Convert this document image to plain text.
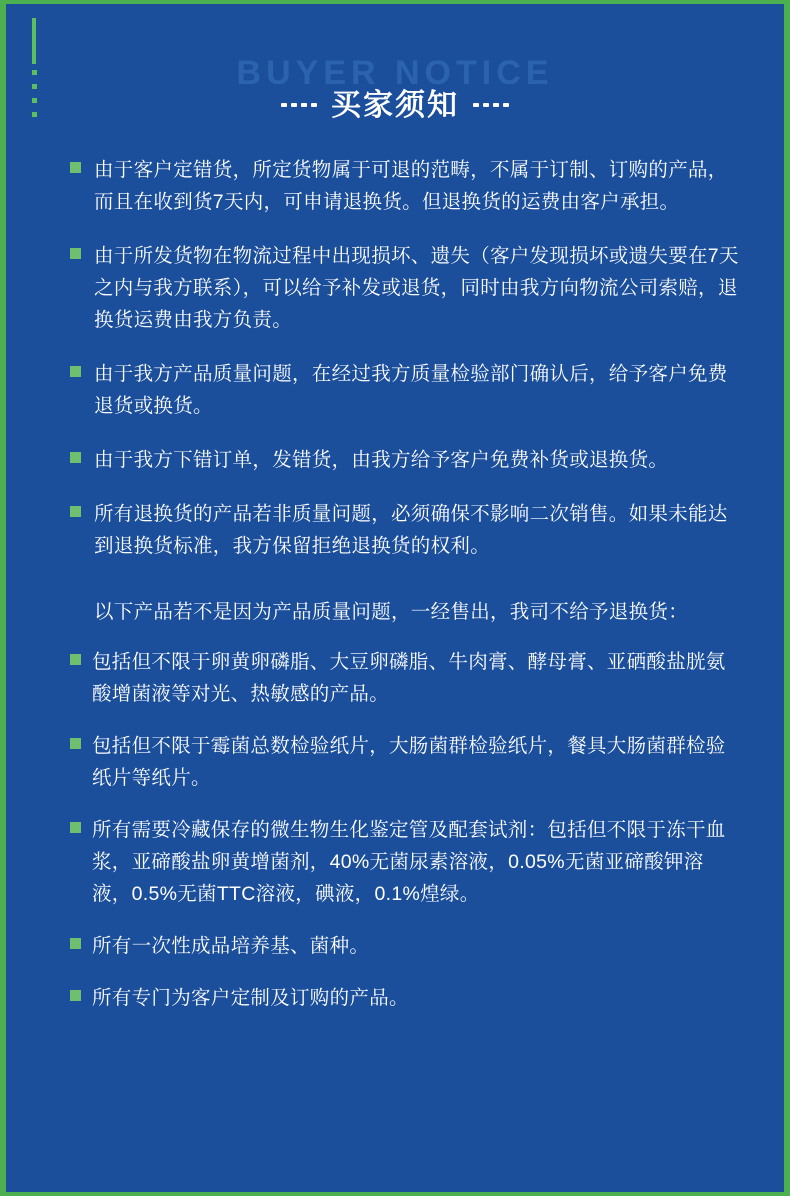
BUYER NOTICE
买家须知
由于客户定错货，所定货物属于可退的范畴，不属于订制、订购的产品，而且在收到货7天内，可申请退换货。但退换货的运费由客户承担。
由于所发货物在物流过程中出现损坏、遗失（客户发现损坏或遗失要在7天之内与我方联系），可以给予补发或退货，同时由我方向物流公司索赔，退换货运费由我方负责。
由于我方产品质量问题，在经过我方质量检验部门确认后，给予客户免费退货或换货。
由于我方下错订单，发错货，由我方给予客户免费补货或退换货。
所有退换货的产品若非质量问题，必须确保不影响二次销售。如果未能达到退换货标准，我方保留拒绝退换货的权利。
以下产品若不是因为产品质量问题，一经售出，我司不给予退换货：
包括但不限于卵黄卵磷脂、大豆卵磷脂、牛肉膏、酵母膏、亚硒酸盐胱氨酸增菌液等对光、热敏感的产品。
包括但不限于霉菌总数检验纸片，大肠菌群检验纸片，餐具大肠菌群检验纸片等纸片。
所有需要冷藏保存的微生物生化鉴定管及配套试剂：包括但不限于冻干血浆，亚碲酸盐卵黄增菌剂，40%无菌尿素溶液，0.05%无菌亚碲酸钾溶液，0.5%无菌TTC溶液，碘液，0.1%煌绿。
所有一次性成品培养基、菌种。
所有专门为客户定制及订购的产品。
